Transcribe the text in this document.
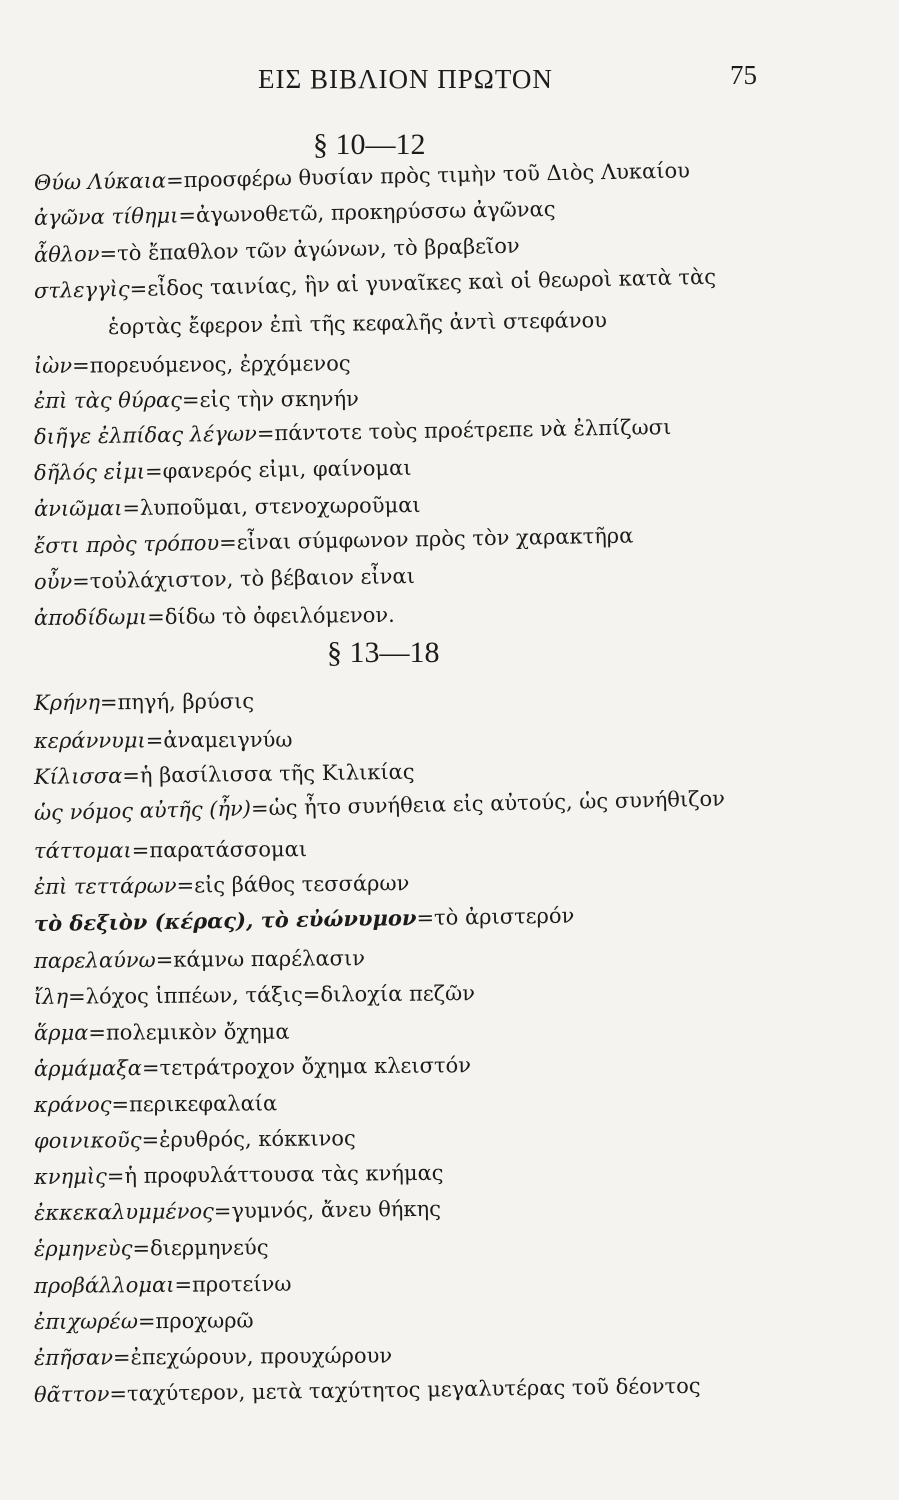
ΕΙΣ ΒΙΒΛΙΟΝ ΠΡΩΤΟΝ	75
§ 10—12
Θύω Λύκαια=προσφέρω θυσίαν πρὸς τιμὴν τοῦ Διὸς Λυκαίου
ἀγῶνα τίθημι=ἀγωνοθετῶ, προκηρύσσω ἀγῶνας
ἆθλον=τὸ ἔπαθλον τῶν ἀγώνων, τὸ βραβεῖον
στλεγγὶς=εἶδος ταινίας, ἣν αἱ γυναῖκες καὶ οἱ θεωροὶ κατὰ τὰς
ἑορτὰς ἔφερον ἐπὶ τῆς κεφαλῆς ἀντὶ στεφάνου
ἰὼν=πορευόμενος, ἐρχόμενος
ἐπὶ τὰς θύρας=εἰς τὴν σκηνήν
διῆγε ἐλπίδας λέγων=πάντοτε τοὺς προέτρεπε νὰ ἐλπίζωσι
δῆλός εἰμι=φανερός εἰμι, φαίνομαι
ἀνιῶμαι=λυποῦμαι, στενοχωροῦμαι
ἔστι πρὸς τρόπου=εἶναι σύμφωνον πρὸς τὸν χαρακτῆρα
οὖν=τοὐλάχιστον, τὸ βέβαιον εἶναι
ἀποδίδωμι=δίδω τὸ ὀφειλόμενον.
§ 13—18
Κρήνη=πηγή, βρύσις
κεράννυμι=ἀναμειγνύω
Κίλισσα=ἡ βασίλισσα τῆς Κιλικίας
ὡς νόμος αὐτῆς (ἦν)=ὡς ἦτο συνήθεια εἰς αὐτούς, ὡς συνήθιζον
τάττομαι=παρατάσσομαι
ἐπὶ τεττάρων=εἰς βάθος τεσσάρων
τὸ δεξιὸν (κέρας), τὸ εὐώνυμον=τὸ ἀριστερόν
παρελαύνω=κάμνω παρέλασιν
ἴλη=λόχος ἱππέων, τάξις=διλοχία πεζῶν
ἅρμα=πολεμικὸν ὄχημα
ἁρμάμαξα=τετράτροχον ὄχημα κλειστόν
κράνος=περικεφαλαία
φοινικοῦς=ἐρυθρός, κόκκινος
κνημὶς=ἡ προφυλάττουσα τὰς κνήμας
ἐκκεκαλυμμένος=γυμνός, ἄνευ θήκης
ἑρμηνεὺς=διερμηνεύς
προβάλλομαι=προτείνω
ἐπιχωρέω=προχωρῶ
ἐπῆσαν=ἐπεχώρουν, προυχώρουν
θᾶττον=ταχύτερον, μετὰ ταχύτητος μεγαλυτέρας τοῦ δέοντος
